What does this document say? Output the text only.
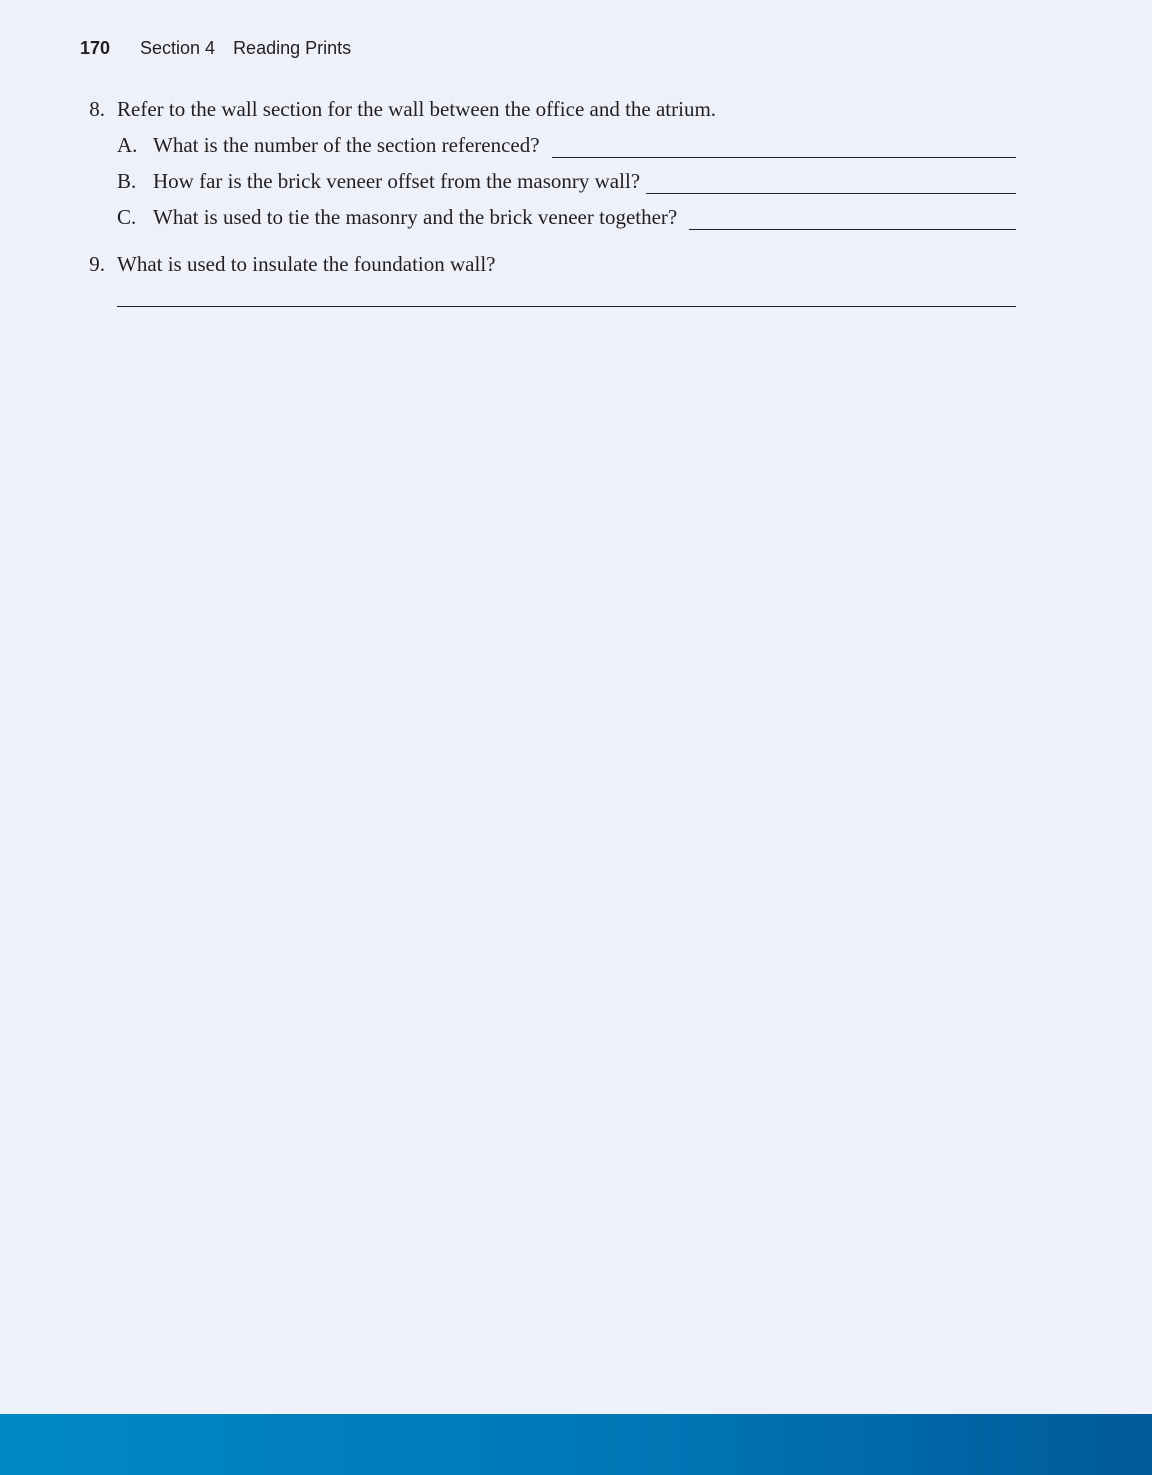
170 Section 4 Reading Prints
8. Refer to the wall section for the wall between the office and the atrium.
A. What is the number of the section referenced?
B. How far is the brick veneer offset from the masonry wall?
C. What is used to tie the masonry and the brick veneer together?
9. What is used to insulate the foundation wall?
